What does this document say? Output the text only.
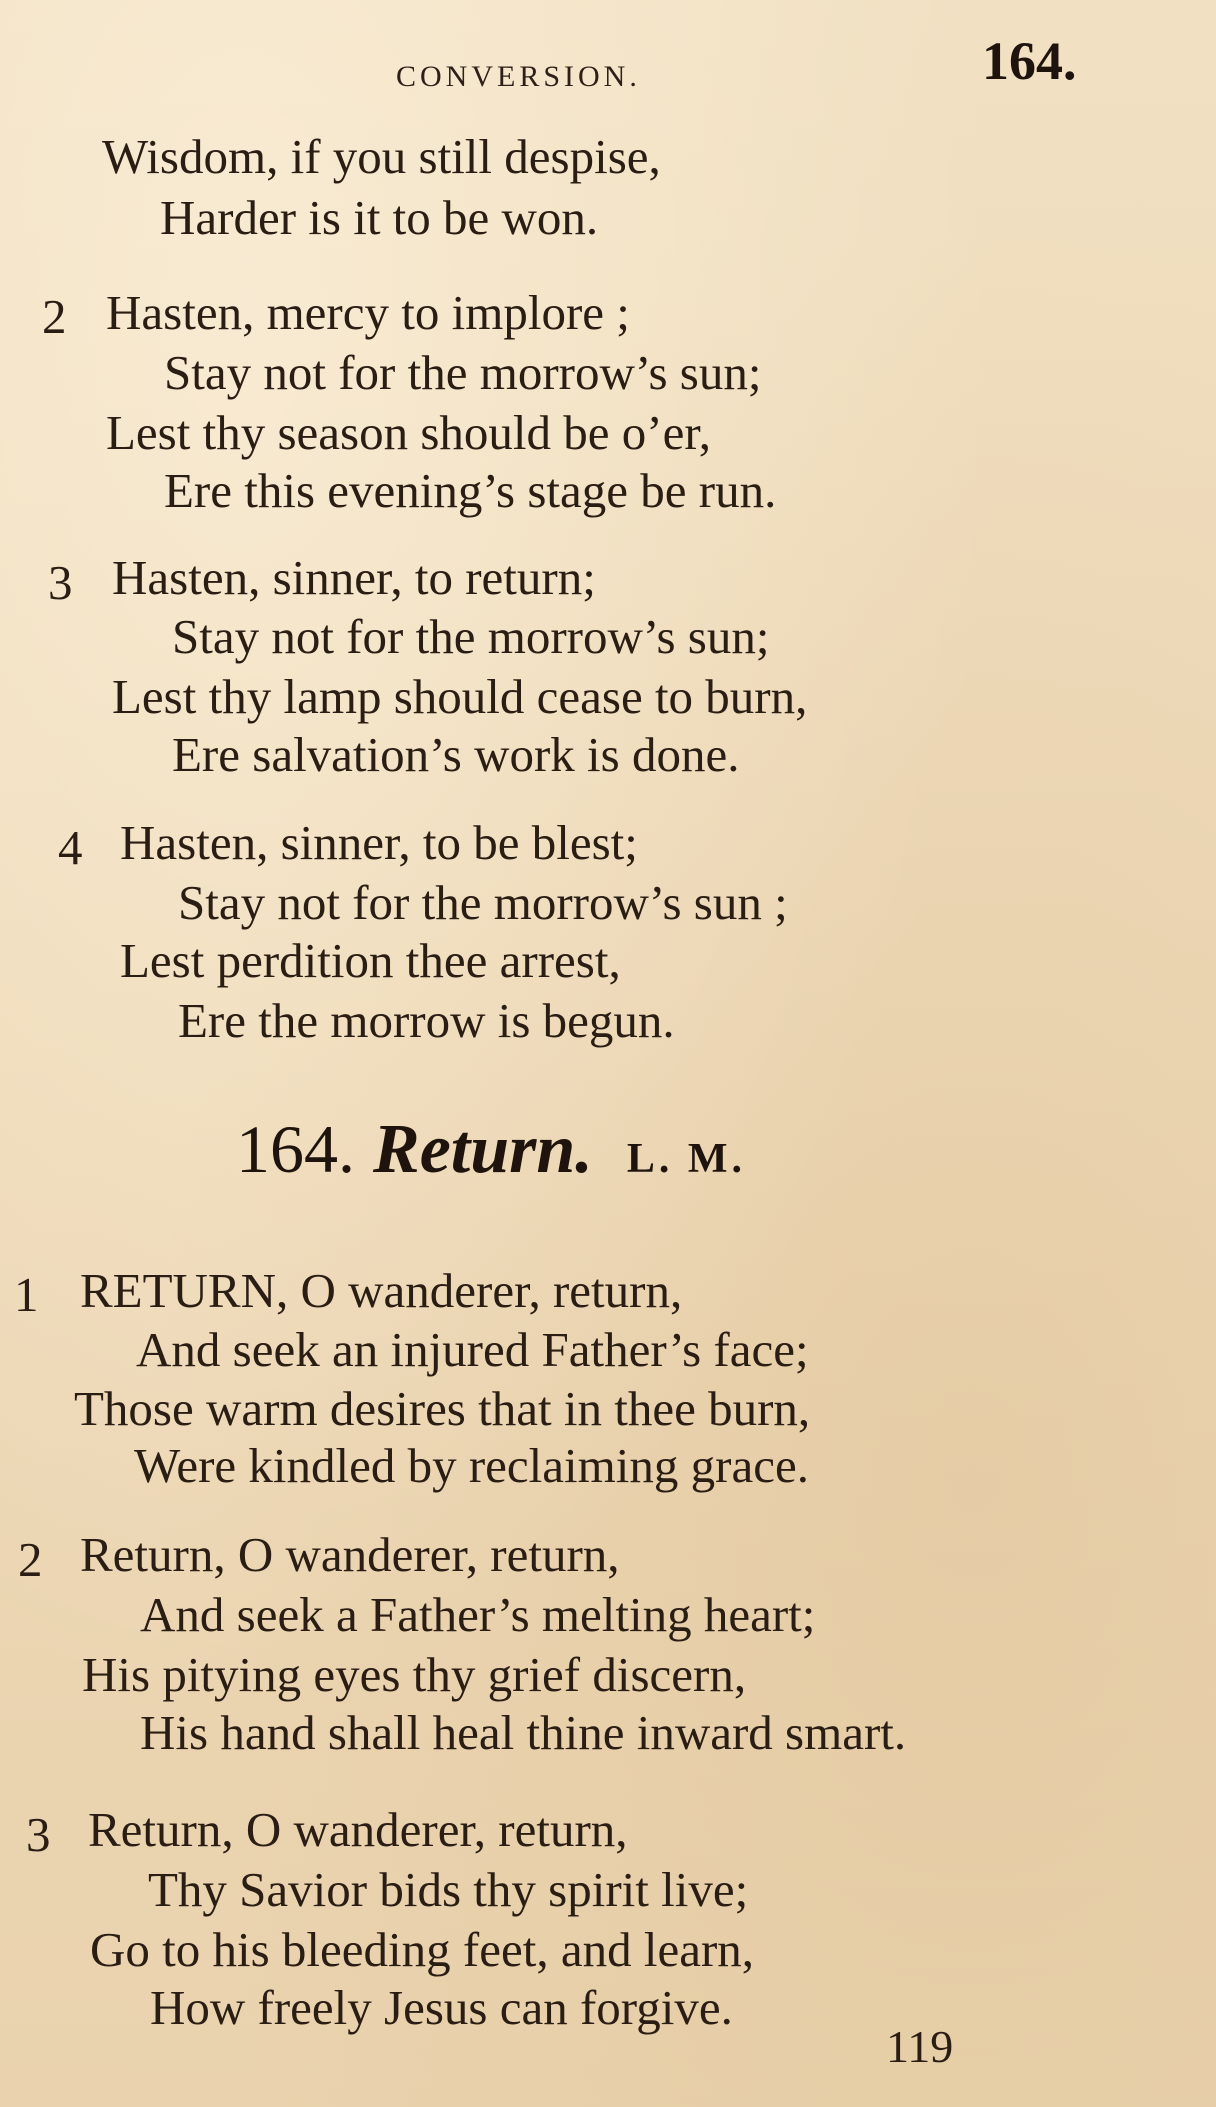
CONVERSION.	164.
Wisdom, if you still despise,
Harder is it to be won.
2 Hasten, mercy to implore ;
Stay not for the morrow’s sun;
Lest thy season should be o’er,
Ere this evening’s stage be run.
3 Hasten, sinner, to return;
Stay not for the morrow’s sun;
Lest thy lamp should cease to burn,
Ere salvation’s work is done.
4 Hasten, sinner, to be blest;
Stay not for the morrow’s sun ;
Lest perdition thee arrest,
Ere the morrow is begun.
164. Return. L. M.
1 RETURN, O wanderer, return,
And seek an injured Father’s face;
Those warm desires that in thee burn,
Were kindled by reclaiming grace.
2 Return, O wanderer, return,
And seek a Father’s melting heart;
His pitying eyes thy grief discern,
His hand shall heal thine inward smart.
3 Return, O wanderer, return,
Thy Savior bids thy spirit live;
Go to his bleeding feet, and learn,
How freely Jesus can forgive.
119
